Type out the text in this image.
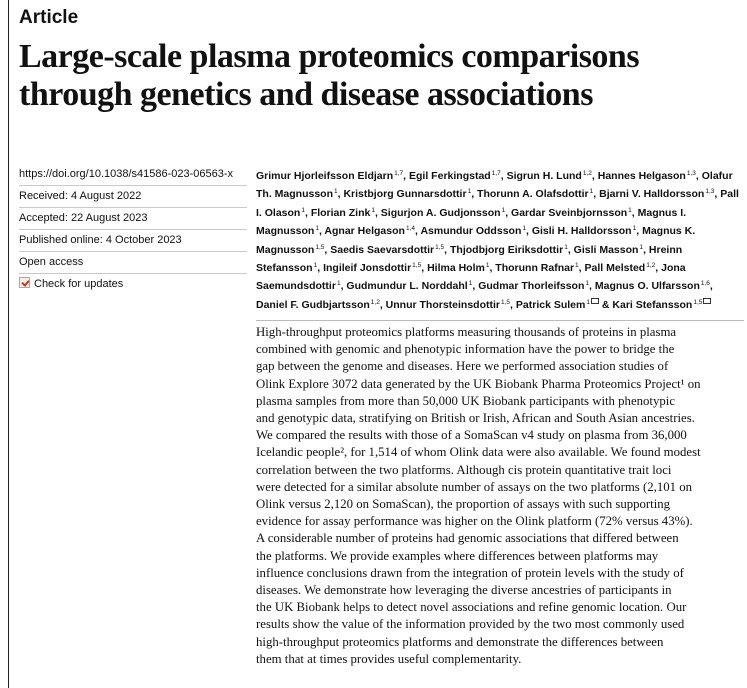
Article
Large-scale plasma proteomics comparisons
through genetics and disease associations
https://doi.org/10.1038/s41586-023-06563-x
Received: 4 August 2022
Accepted: 22 August 2023
Published online: 4 October 2023
Open access
Check for updates
Grimur Hjorleifsson Eldjarn$^{1,7}$, Egil Ferkingstad$^{1,7}$, Sigrun H. Lund$^{1,2}$, Hannes Helgason$^{1,3}$, Olafur Th. Magnusson$^1$, Kristbjorg Gunnarsdottir$^1$, Thorunn A. Olafsdottir$^1$, Bjarni V. Halldorsson$^{1,3}$, Pall I. Olason$^1$, Florian Zink$^1$, Sigurjon A. Gudjonsson$^1$, Gardar Sveinbjornsson$^1$, Magnus I. Magnusson$^1$, Agnar Helgason$^{1,4}$, Asmundur Oddsson$^1$, Gisli H. Halldorsson$^1$, Magnus K. Magnusson$^{1,5}$, Saedis Saevarsdottir$^{1,5}$, Thjodbjorg Eiriksdottir$^1$, Gisli Masson$^1$, Hreinn Stefansson$^1$, Ingileif Jonsdottir$^{1,5}$, Hilma Holm$^1$, Thorunn Rafnar$^1$, Pall Melsted$^{1,2}$, Jona Saemundsdottir$^1$, Gudmundur L. Norddahl$^1$, Gudmar Thorleifsson$^1$, Magnus O. Ulfarsson$^{1,6}$, Daniel F. Gudbjartsson$^{1,2}$, Unnur Thorsteinsdottir$^{1,5}$, Patrick Sulem$^1$ & Kari Stefansson$^{1,5}$

High-throughput proteomics platforms measuring thousands of proteins in plasma

combined with genomic and phenotypic information have the power to bridge the

gap between the genome and diseases. Here we performed association studies of

Olink Explore 3072 data generated by the UK Biobank Pharma Proteomics Project¹ on

plasma samples from more than 50,000 UK Biobank participants with phenotypic

and genotypic data, stratifying on British or Irish, African and South Asian ancestries.

We compared the results with those of a SomaScan v4 study on plasma from 36,000

Icelandic people², for 1,514 of whom Olink data were also available. We found modest

correlation between the two platforms. Although cis protein quantitative trait loci

were detected for a similar absolute number of assays on the two platforms (2,101 on

Olink versus 2,120 on SomaScan), the proportion of assays with such supporting

evidence for assay performance was higher on the Olink platform (72% versus 43%).

A considerable number of proteins had genomic associations that differed between

the platforms. We provide examples where differences between platforms may

influence conclusions drawn from the integration of protein levels with the study of

diseases. We demonstrate how leveraging the diverse ancestries of participants in

the UK Biobank helps to detect novel associations and refine genomic location. Our

results show the value of the information provided by the two most commonly used

high-throughput proteomics platforms and demonstrate the differences between

them that at times provides useful complementarity.
